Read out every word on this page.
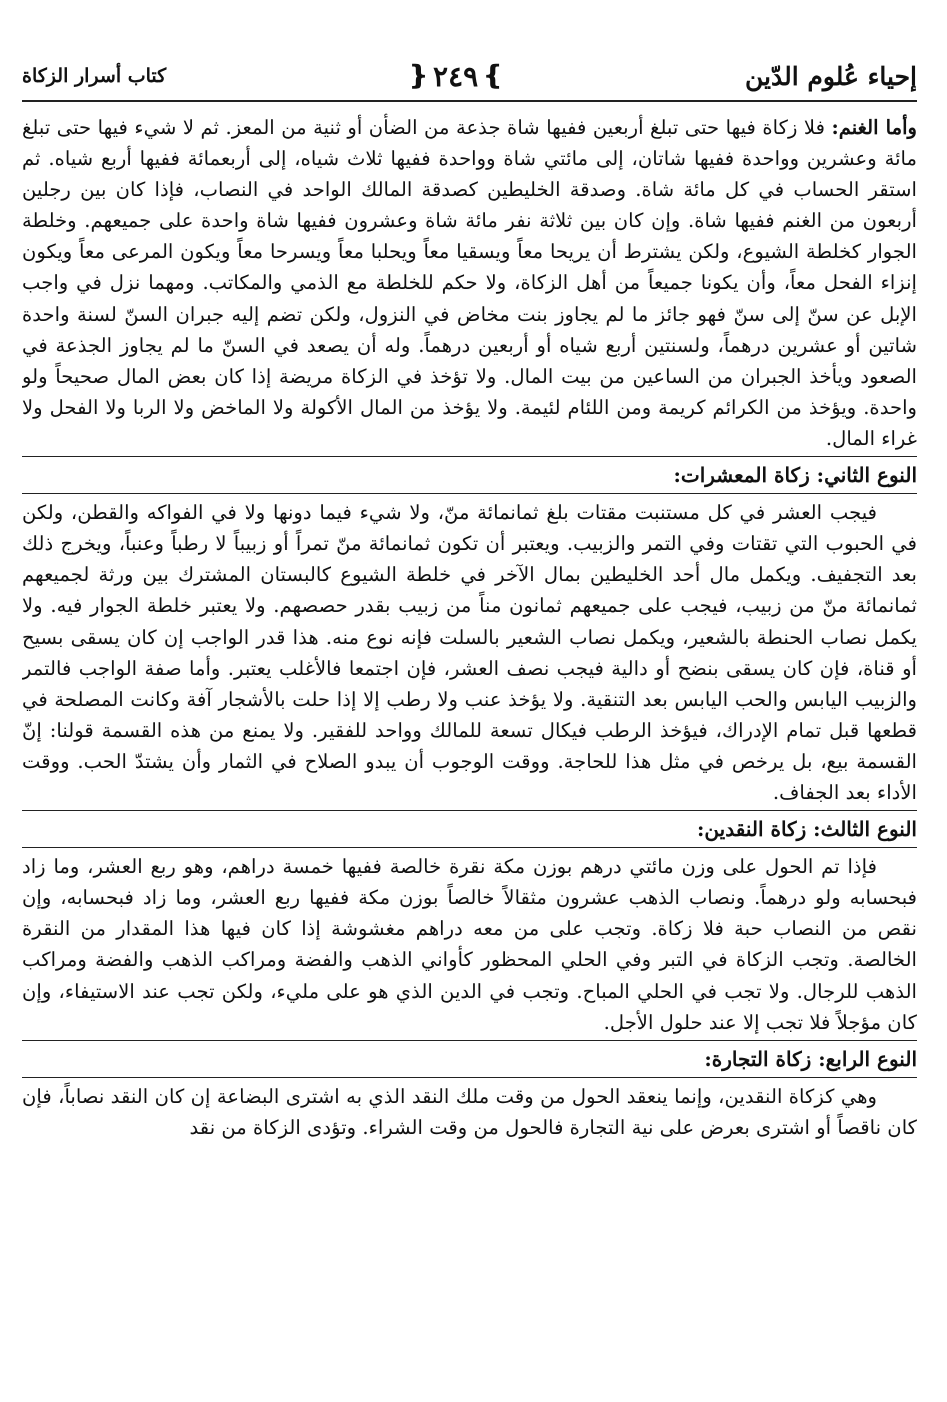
إحياء عُلوم الدّين
❵
٢٤٩
❴
كتاب أسرار الزكاة

وأما الغنم: فلا زكاة فيها حتى تبلغ أربعين ففيها شاة جذعة من الضأن أو ثنية من المعز. ثم لا شيء فيها حتى تبلغ مائة وعشرين وواحدة ففيها شاتان، إلى مائتي شاة وواحدة ففيها ثلاث شياه، إلى أربعمائة ففيها أربع شياه. ثم استقر الحساب في كل مائة شاة. وصدقة الخليطين كصدقة المالك الواحد في النصاب، فإذا كان بين رجلين أربعون من الغنم ففيها شاة. وإن كان بين ثلاثة نفر مائة شاة وعشرون ففيها شاة واحدة على جميعهم. وخلطة الجوار كخلطة الشيوع، ولكن يشترط أن يريحا معاً ويسقيا معاً ويحلبا معاً ويسرحا معاً ويكون المرعى معاً ويكون إنزاء الفحل معاً، وأن يكونا جميعاً من أهل الزكاة، ولا حكم للخلطة مع الذمي والمكاتب. ومهما نزل في واجب الإبل عن سنّ إلى سنّ فهو جائز ما لم يجاوز بنت مخاض في النزول، ولكن تضم إليه جبران السنّ لسنة واحدة شاتين أو عشرين درهماً، ولسنتين أربع شياه أو أربعين درهماً. وله أن يصعد في السنّ ما لم يجاوز الجذعة في الصعود ويأخذ الجبران من الساعين من بيت المال. ولا تؤخذ في الزكاة مريضة إذا كان بعض المال صحيحاً ولو واحدة. ويؤخذ من الكرائم كريمة ومن اللئام لئيمة. ولا يؤخذ من المال الأكولة ولا الماخض ولا الربا ولا الفحل ولا غراء المال.

النوع الثاني: زكاة المعشرات:

فيجب العشر في كل مستنبت مقتات بلغ ثمانمائة منّ، ولا شيء فيما دونها ولا في الفواكه والقطن، ولكن في الحبوب التي تقتات وفي التمر والزبيب. ويعتبر أن تكون ثمانمائة منّ تمراً أو زبيباً لا رطباً وعنباً، ويخرج ذلك بعد التجفيف. ويكمل مال أحد الخليطين بمال الآخر في خلطة الشيوع كالبستان المشترك بين ورثة لجميعهم ثمانمائة منّ من زبيب، فيجب على جميعهم ثمانون مناً من زبيب بقدر حصصهم. ولا يعتبر خلطة الجوار فيه. ولا يكمل نصاب الحنطة بالشعير، ويكمل نصاب الشعير بالسلت فإنه نوع منه. هذا قدر الواجب إن كان يسقى بسيح أو قناة، فإن كان يسقى بنضح أو دالية فيجب نصف العشر، فإن اجتمعا فالأغلب يعتبر. وأما صفة الواجب فالتمر والزبيب اليابس والحب اليابس بعد التنقية. ولا يؤخذ عنب ولا رطب إلا إذا حلت بالأشجار آفة وكانت المصلحة في قطعها قبل تمام الإدراك، فيؤخذ الرطب فيكال تسعة للمالك وواحد للفقير. ولا يمنع من هذه القسمة قولنا: إنّ القسمة بيع، بل يرخص في مثل هذا للحاجة. ووقت الوجوب أن يبدو الصلاح في الثمار وأن يشتدّ الحب. ووقت الأداء بعد الجفاف.

النوع الثالث: زكاة النقدين:

فإذا تم الحول على وزن مائتي درهم بوزن مكة نقرة خالصة ففيها خمسة دراهم، وهو ربع العشر، وما زاد فبحسابه ولو درهماً. ونصاب الذهب عشرون مثقالاً خالصاً بوزن مكة ففيها ربع العشر، وما زاد فبحسابه، وإن نقص من النصاب حبة فلا زكاة. وتجب على من معه دراهم مغشوشة إذا كان فيها هذا المقدار من النقرة الخالصة. وتجب الزكاة في التبر وفي الحلي المحظور كأواني الذهب والفضة ومراكب الذهب والفضة ومراكب الذهب للرجال. ولا تجب في الحلي المباح. وتجب في الدين الذي هو على مليء، ولكن تجب عند الاستيفاء، وإن كان مؤجلاً فلا تجب إلا عند حلول الأجل.

النوع الرابع: زكاة التجارة:

وهي كزكاة النقدين، وإنما ينعقد الحول من وقت ملك النقد الذي به اشترى البضاعة إن كان النقد نصاباً، فإن كان ناقصاً أو اشترى بعرض على نية التجارة فالحول من وقت الشراء. وتؤدى الزكاة من نقد
